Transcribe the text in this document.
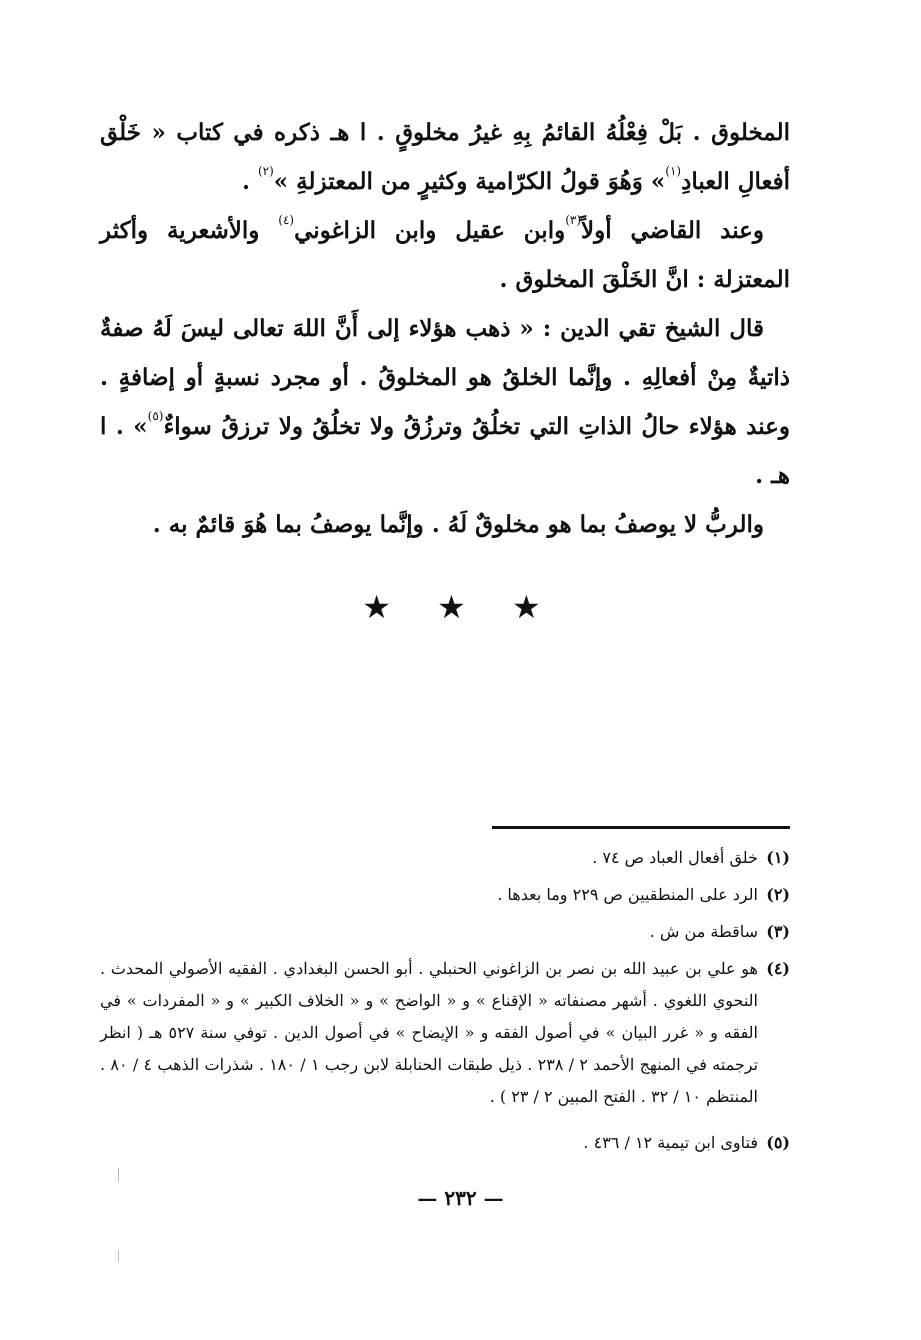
المخلوق . بَلْ فِعْلُهُ القائمُ بِهِ غيرُ مخلوقٍ . ا هـ ذكره في كتاب « خَلْق أفعالِ العبادِ$^{(١)}$» وَهُوَ قولُ الكرّامية وكثيرٍ من المعتزلةِ »$^{(٢)}$ .

وعند القاضي أولاً$^{(٣)}$وابن عقيل وابن الزاغوني$^{(٤)}$ والأشعرية وأكثر المعتزلة : انَّ الخَلْقَ المخلوق .

قال الشيخ تقي الدين : « ذهب هؤلاء إلى أَنَّ اللهَ تعالى ليسَ لَهُ صفةٌ ذاتيةٌ مِنْ أفعالِهِ . وإنَّما الخلقُ هو المخلوقُ . أو مجرد نسبةٍ أو إضافةٍ . وعند هؤلاء حالُ الذاتِ التي تخلُقُ وترزُقُ ولا تخلُقُ ولا ترزقُ سواءٌ$^{(٥)}$» . ا هـ .

والربُّ لا يوصفُ بما هو مخلوقٌ لَهُ . وإنَّما يوصفُ بما هُوَ قائمٌ به .

★ ★ ★
(١)
خلق أفعال العباد ص ٧٤ .
(٢)
الرد على المنطقيين ص ٢٢٩ وما بعدها .
(٣)
ساقطة من ش .
(٤)
هو علي بن عبيد الله بن نصر بن الزاغوني الحنبلي . أبو الحسن البغدادي . الفقيه الأصولي المحدث . النحوي اللغوي . أشهر مصنفاته « الإقناع » و « الواضح » و « الخلاف الكبير » و « المفردات » في الفقه و « غرر البيان » في أصول الفقه و « الإيضاح » في أصول الدين . توفي سنة ٥٢٧ هـ ( انظر ترجمته في المنهج الأحمد ٢ / ٢٣٨ . ذيل طبقات الحنابلة لابن رجب ١ / ١٨٠ . شذرات الذهب ٤ / ٨٠ . المنتظم ١٠ / ٣٢ . الفتح المبين ٢ / ٢٣ ) .
(٥)
فتاوى ابن تيمية ١٢ / ٤٣٦ .
— ٢٣٢ —
